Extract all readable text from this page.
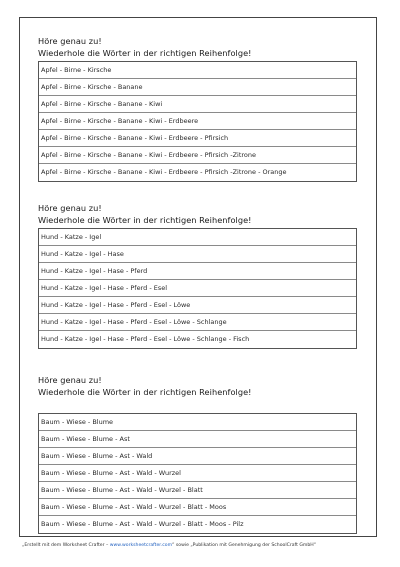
Höre genau zu!
Wiederhole die Wörter in der richtigen Reihenfolge!
Apfel - Birne - Kirsche
Apfel - Birne - Kirsche - Banane
Apfel - Birne - Kirsche - Banane - Kiwi
Apfel - Birne - Kirsche - Banane - Kiwi - Erdbeere
Apfel - Birne - Kirsche - Banane - Kiwi - Erdbeere - Pfirsich
Apfel - Birne - Kirsche - Banane - Kiwi - Erdbeere - Pfirsich -Zitrone
Apfel - Birne - Kirsche - Banane - Kiwi - Erdbeere - Pfirsich -Zitrone - Orange
Höre genau zu!
Wiederhole die Wörter in der richtigen Reihenfolge!
Hund - Katze - Igel
Hund - Katze - Igel - Hase
Hund - Katze - Igel - Hase - Pferd
Hund - Katze - Igel - Hase - Pferd - Esel
Hund - Katze - Igel - Hase - Pferd - Esel - Löwe
Hund - Katze - Igel - Hase - Pferd - Esel - Löwe - Schlange
Hund - Katze - Igel - Hase - Pferd - Esel - Löwe - Schlange - Fisch
Höre genau zu!
Wiederhole die Wörter in der richtigen Reihenfolge!
Baum - Wiese - Blume
Baum - Wiese - Blume - Ast
Baum - Wiese - Blume - Ast - Wald
Baum - Wiese - Blume - Ast - Wald - Wurzel
Baum - Wiese - Blume - Ast - Wald - Wurzel - Blatt
Baum - Wiese - Blume - Ast - Wald - Wurzel - Blatt - Moos
Baum - Wiese - Blume - Ast - Wald - Wurzel - Blatt - Moos - Pilz
„Erstellt mit dem Worksheet Crafter – www.worksheetcrafter.com“ sowie „Publikation mit Genehmigung der SchoolCraft GmbH“
